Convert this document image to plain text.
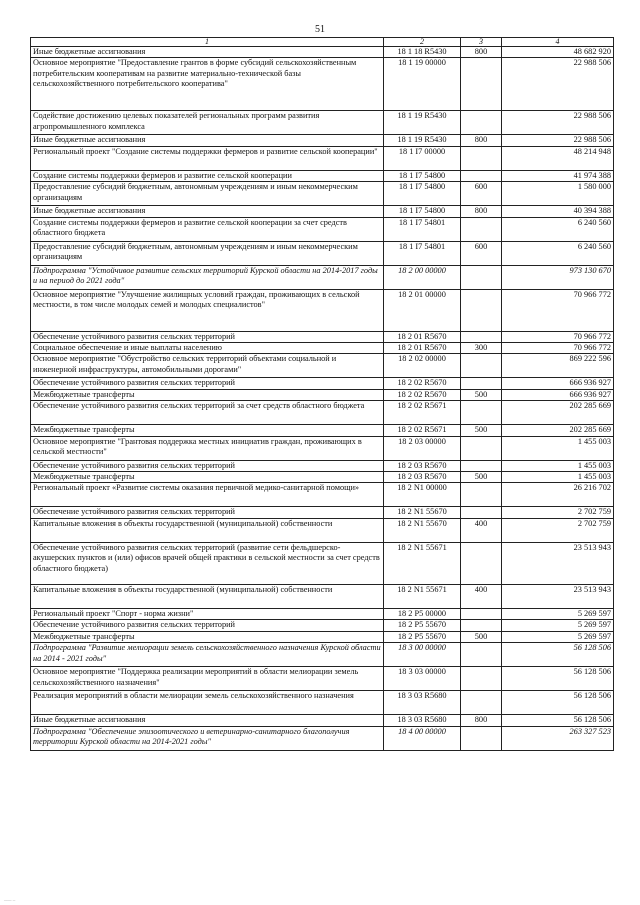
51
1	2	3	4
Иные бюджетные ассигнования	18 1 18 R5430	800	48 682 920
Основное мероприятие "Предоставление грантов в форме субсидий сельскохозяйственным потребительским кооперативам на развитие материально-технической базы сельскохозяйственного потребительского кооператива"	18 1 19 00000		22 988 506
Содействие достижению целевых показателей региональных программ развития агропромышленного комплекса	18 1 19 R5430		22 988 506
Иные бюджетные ассигнования	18 1 19 R5430	800	22 988 506
Региональный проект "Создание системы поддержки фермеров и развитие сельской кооперации"	18 1 I7 00000		48 214 948
Создание системы поддержки фермеров и развитие сельской кооперации	18 1 I7 54800		41 974 388
Предоставление субсидий бюджетным, автономным учреждениям и иным некоммерческим организациям	18 1 I7 54800	600	1 580 000
Иные бюджетные ассигнования	18 1 I7 54800	800	40 394 388
Создание системы поддержки фермеров и развитие сельской кооперации за счет средств областного бюджета	18 1 I7 54801		6 240 560
Предоставление субсидий бюджетным, автономным учреждениям и иным некоммерческим организациям	18 1 I7 54801	600	6 240 560
Подпрограмма "Устойчивое развитие сельских территорий Курской области на 2014-2017 годы и на период до 2021 года"	18 2 00 00000		973 130 670
Основное мероприятие "Улучшение жилищных условий граждан, проживающих в сельской местности, в том числе молодых семей и молодых специалистов"	18 2 01 00000		70 966 772
Обеспечение устойчивого развития сельских территорий	18 2 01 R5670		70 966 772
Социальное обеспечение и иные выплаты населению	18 2 01 R5670	300	70 966 772
Основное мероприятие "Обустройство сельских территорий объектами социальной и инженерной инфраструктуры, автомобильными дорогами"	18 2 02 00000		869 222 596
Обеспечение устойчивого развития сельских территорий	18 2 02 R5670		666 936 927
Межбюджетные трансферты	18 2 02 R5670	500	666 936 927
Обеспечение устойчивого развития сельских территорий за счет средств областного бюджета	18 2 02 R5671		202 285 669
Межбюджетные трансферты	18 2 02 R5671	500	202 285 669
Основное мероприятие "Грантовая поддержка местных инициатив граждан, проживающих в сельской местности"	18 2 03 00000		1 455 003
Обеспечение устойчивого развития сельских территорий	18 2 03 R5670		1 455 003
Межбюджетные трансферты	18 2 03 R5670	500	1 455 003
Региональный проект «Развитие системы оказания первичной медико-санитарной помощи»	18 2 N1 00000		26 216 702
Обеспечение устойчивого развития сельских территорий	18 2 N1 55670		2 702 759
Капитальные вложения в объекты государственной (муниципальной) собственности	18 2 N1 55670	400	2 702 759
Обеспечение устойчивого развития сельских территорий (развитие сети фельдшерско-акушерских пунктов и (или) офисов врачей общей практики в сельской местности за счет средств областного бюджета)	18 2 N1 55671		23 513 943
Капитальные вложения в объекты государственной (муниципальной) собственности	18 2 N1 55671	400	23 513 943
Региональный проект "Спорт - норма жизни"	18 2 P5 00000		5 269 597
Обеспечение устойчивого развития сельских территорий	18 2 P5 55670		5 269 597
Межбюджетные трансферты	18 2 P5 55670	500	5 269 597
Подпрограмма "Развитие мелиорации земель сельскохозяйственного назначения Курской области на 2014 - 2021 годы"	18 3 00 00000		56 128 506
Основное мероприятие "Поддержка реализации мероприятий в области мелиорации земель сельскохозяйственного назначения"	18 3 03 00000		56 128 506
Реализация мероприятий в области мелиорации земель сельскохозяйственного назначения	18 3 03 R5680		56 128 506
Иные бюджетные ассигнования	18 3 03 R5680	800	56 128 506
Подпрограмма "Обеспечение эпизоотического и ветеринарно-санитарного благополучия территории Курской области на 2014-2021 годы"	18 4 00 00000		263 327 523
___ _
